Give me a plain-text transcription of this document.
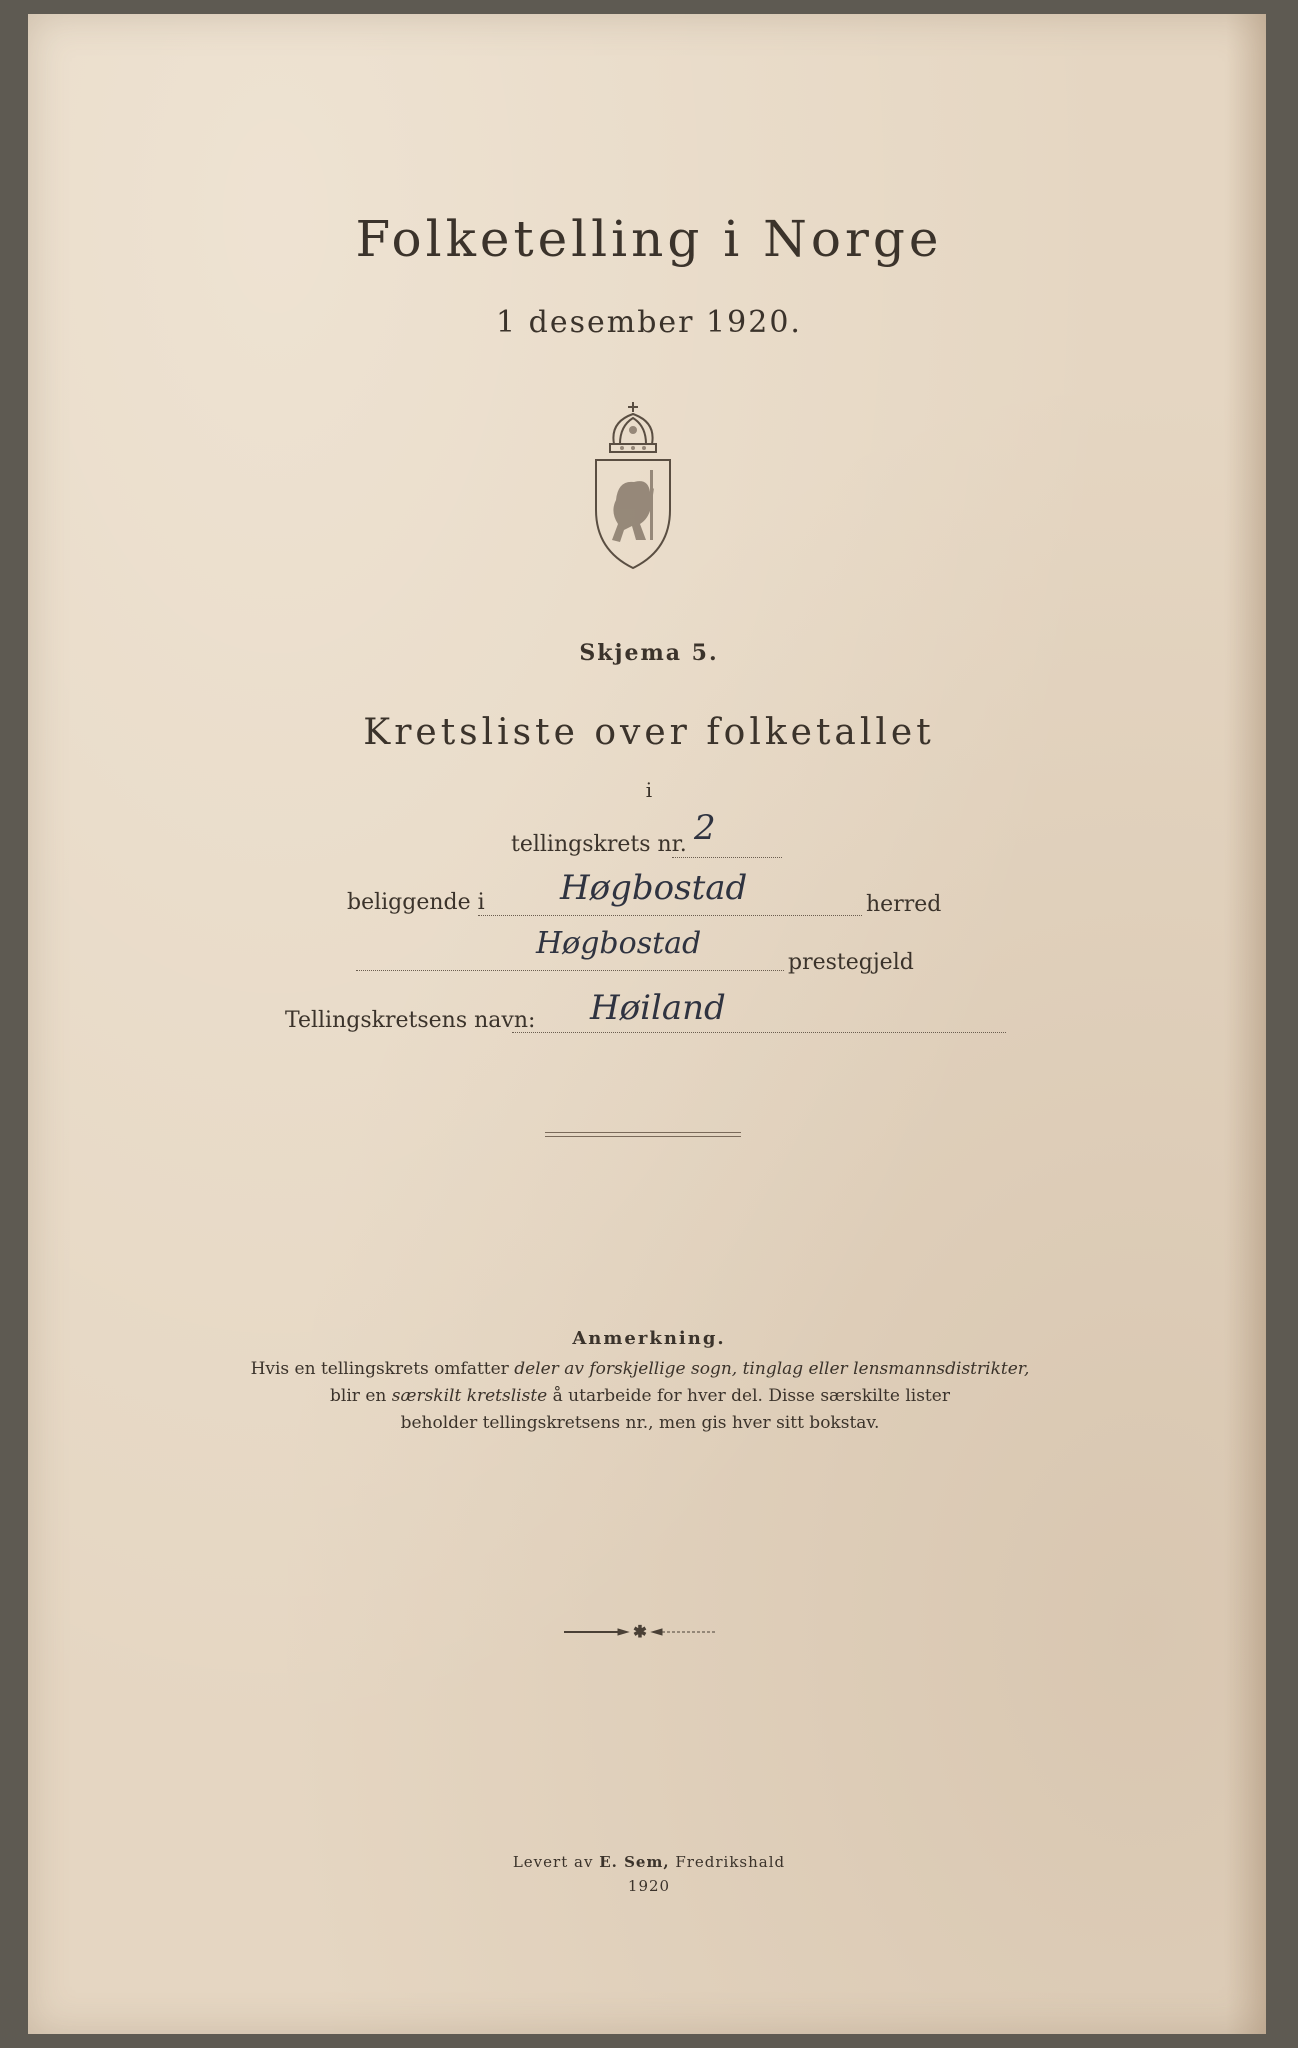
Folketelling i Norge
1 desember 1920.
Skjema 5.
Kretsliste over folketallet
i
tellingskrets nr. 2
beliggende i Høgbostad	herred
Høgbostad
prestegjeld
Tellingskretsens navn: Høiland
Anmerkning.
Hvis en tellingskrets omfatter deler av forskjellige sogn, tinglag eller lensmannsdistrikter,
blir en særskilt kretsliste å utarbeide for hver del. Disse særskilte lister
beholder tellingskretsens nr., men gis hver sitt bokstav.
✱
Levert av E. Sem, Fredrikshald
1920
